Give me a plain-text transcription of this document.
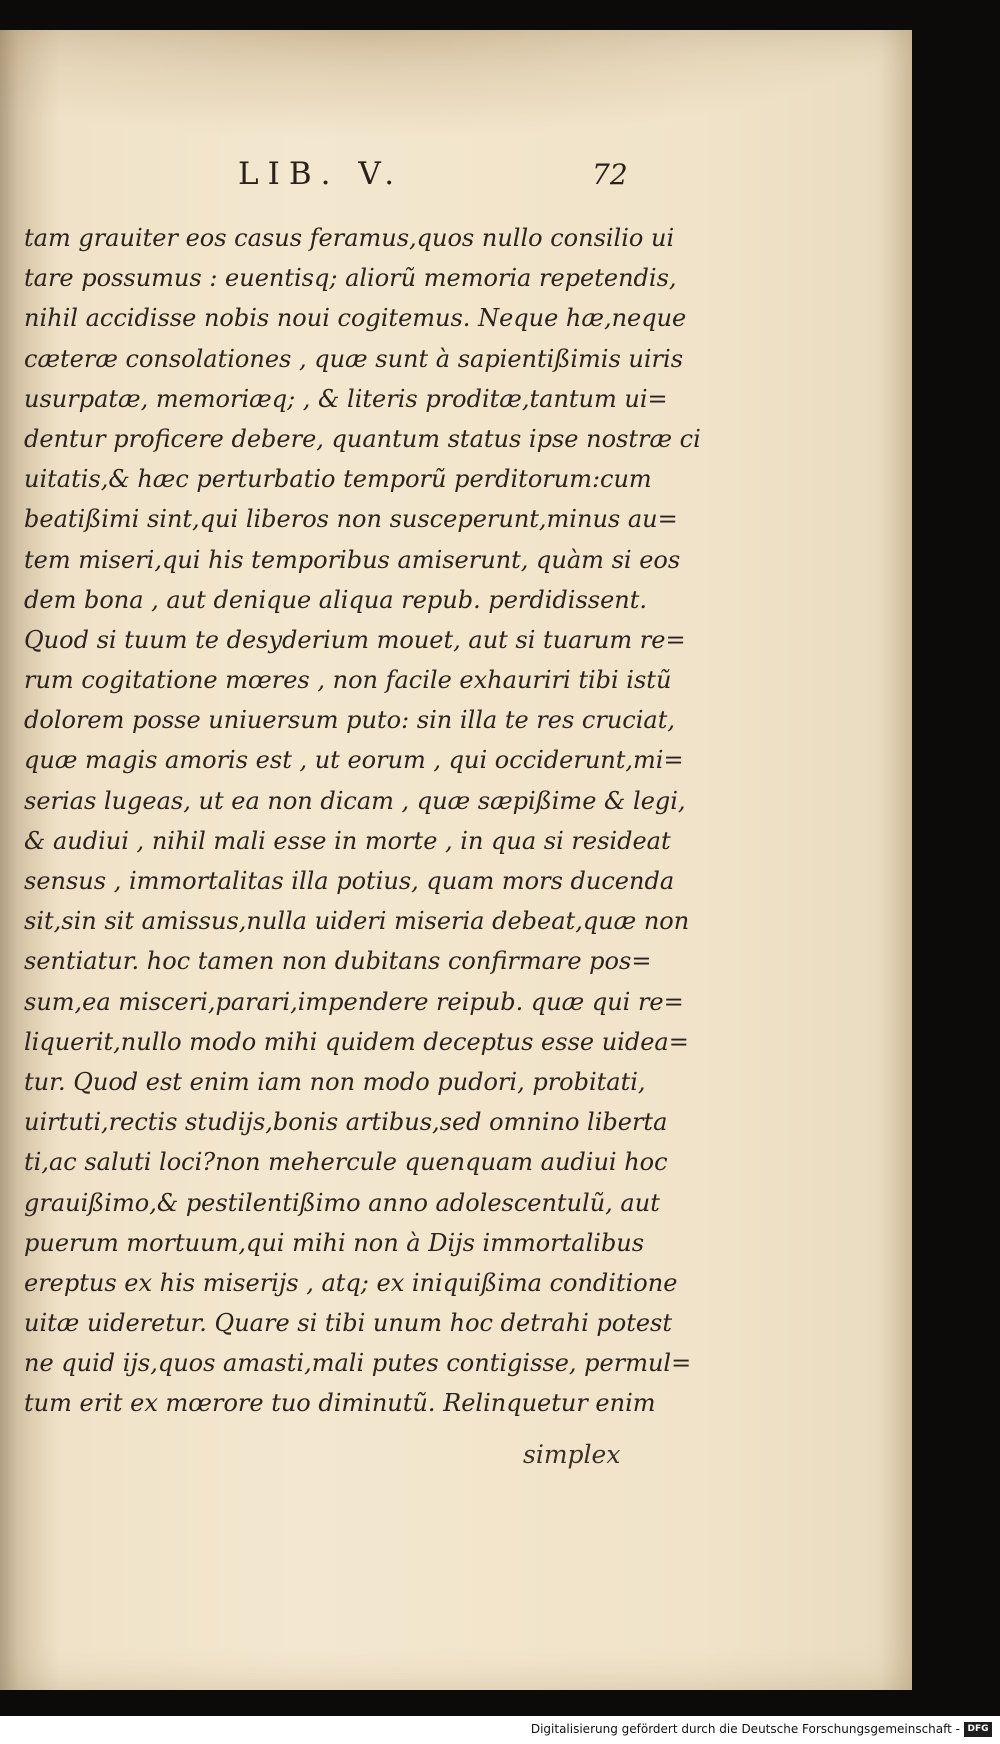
LIB. V.	72
tam grauiter eos casus feramus,quos nullo consilio ui
tare possumus : euentisq; aliorũ memoria repetendis,
nihil accidisse nobis noui cogitemus. Neque hæ,neque
cæteræ consolationes , quæ sunt à sapientißimis uiris
usurpatæ, memoriæq; , & literis proditæ,tantum ui=
dentur proficere debere, quantum status ipse nostræ ci
uitatis,& hæc perturbatio temporũ perditorum:cum
beatißimi sint,qui liberos non susceperunt,minus au=
tem miseri,qui his temporibus amiserunt, quàm si eos
dem bona , aut denique aliqua repub. perdidissent.
Quod si tuum te desyderium mouet, aut si tuarum re=
rum cogitatione mœres , non facile exhauriri tibi istũ
dolorem posse uniuersum puto: sin illa te res cruciat,
quæ magis amoris est , ut eorum , qui occiderunt,mi=
serias lugeas, ut ea non dicam , quæ sæpißime & legi,
& audiui , nihil mali esse in morte , in qua si resideat
sensus , immortalitas illa potius, quam mors ducenda
sit,sin sit amissus,nulla uideri miseria debeat,quæ non
sentiatur. hoc tamen non dubitans confirmare pos=
sum,ea misceri,parari,impendere reipub. quæ qui re=
liquerit,nullo modo mihi quidem deceptus esse uidea=
tur. Quod est enim iam non modo pudori, probitati,
uirtuti,rectis studijs,bonis artibus,sed omnino liberta
ti,ac saluti loci?non mehercule quenquam audiui hoc
grauißimo,& pestilentißimo anno adolescentulũ, aut
puerum mortuum,qui mihi non à Dijs immortalibus
ereptus ex his miserijs , atq; ex iniquißima conditione
uitæ uideretur. Quare si tibi unum hoc detrahi potest
ne quid ijs,quos amasti,mali putes contigisse, permul=
tum erit ex mœrore tuo diminutũ. Relinquetur enim
simplex
Digitalisierung gefördert durch die Deutsche Forschungsgemeinschaft - DFG
